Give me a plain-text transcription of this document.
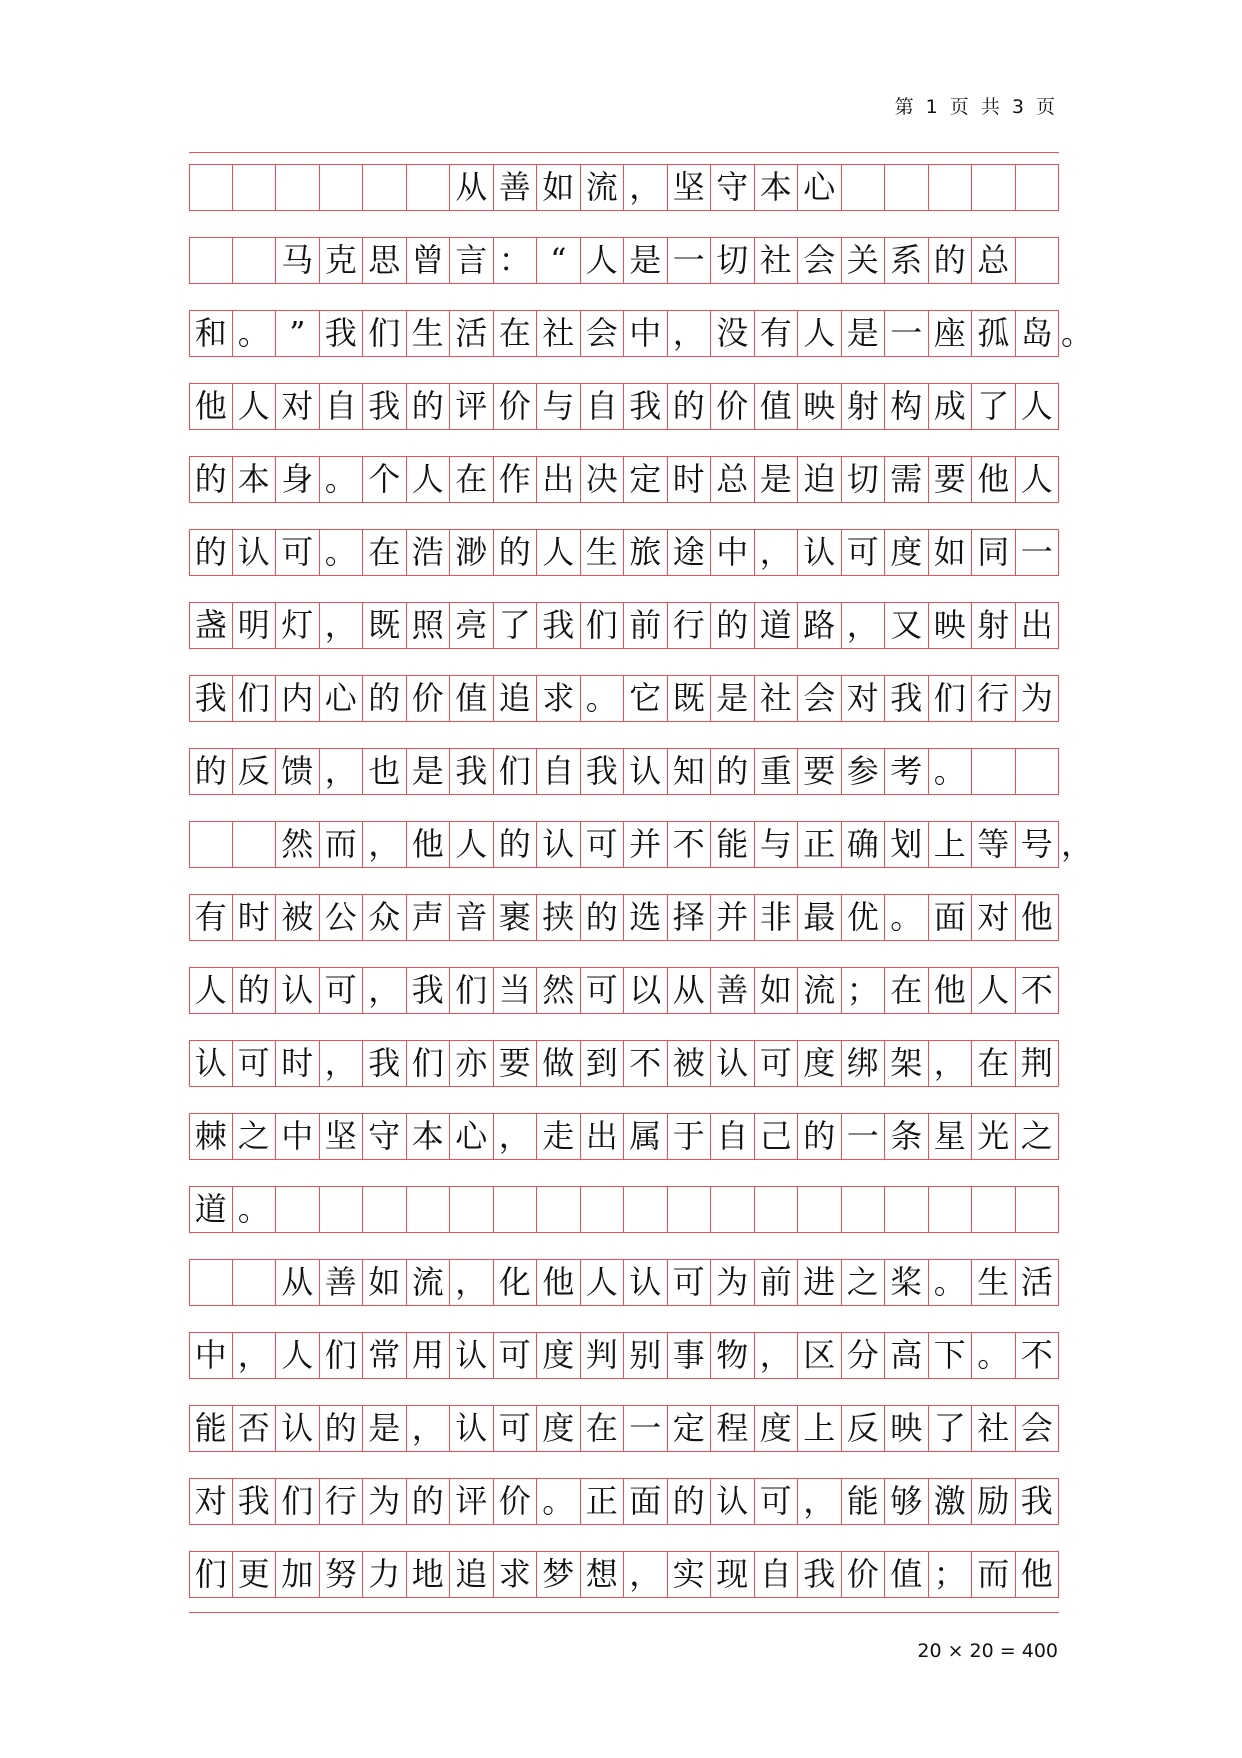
第 1 页 共 3 页
从 善 如 流 ， 坚 守 本 心
马 克 思 曾 言 ： “ 人 是 一 切 社 会 关 系 的 总
和 。 ” 我 们 生 活 在 社 会 中 ， 没 有 人 是 一 座 孤 岛 。
他 人 对 自 我 的 评 价 与 自 我 的 价 值 映 射 构 成 了 人
的 本 身 。 个 人 在 作 出 决 定 时 总 是 迫 切 需 要 他 人
的 认 可 。 在 浩 渺 的 人 生 旅 途 中 ， 认 可 度 如 同 一
盏 明 灯 ， 既 照 亮 了 我 们 前 行 的 道 路 ， 又 映 射 出
我 们 内 心 的 价 值 追 求 。 它 既 是 社 会 对 我 们 行 为
的 反 馈 ， 也 是 我 们 自 我 认 知 的 重 要 参 考 。
然 而 ， 他 人 的 认 可 并 不 能 与 正 确 划 上 等 号 ，
有 时 被 公 众 声 音 裹 挟 的 选 择 并 非 最 优 。 面 对 他
人 的 认 可 ， 我 们 当 然 可 以 从 善 如 流 ； 在 他 人 不
认 可 时 ， 我 们 亦 要 做 到 不 被 认 可 度 绑 架 ， 在 荆
棘 之 中 坚 守 本 心 ， 走 出 属 于 自 己 的 一 条 星 光 之
道 。
从 善 如 流 ， 化 他 人 认 可 为 前 进 之 桨 。 生 活
中 ， 人 们 常 用 认 可 度 判 别 事 物 ， 区 分 高 下 。 不
能 否 认 的 是 ， 认 可 度 在 一 定 程 度 上 反 映 了 社 会
对 我 们 行 为 的 评 价 。 正 面 的 认 可 ， 能 够 激 励 我
们 更 加 努 力 地 追 求 梦 想 ， 实 现 自 我 价 值 ； 而 他
20 × 20 = 400
